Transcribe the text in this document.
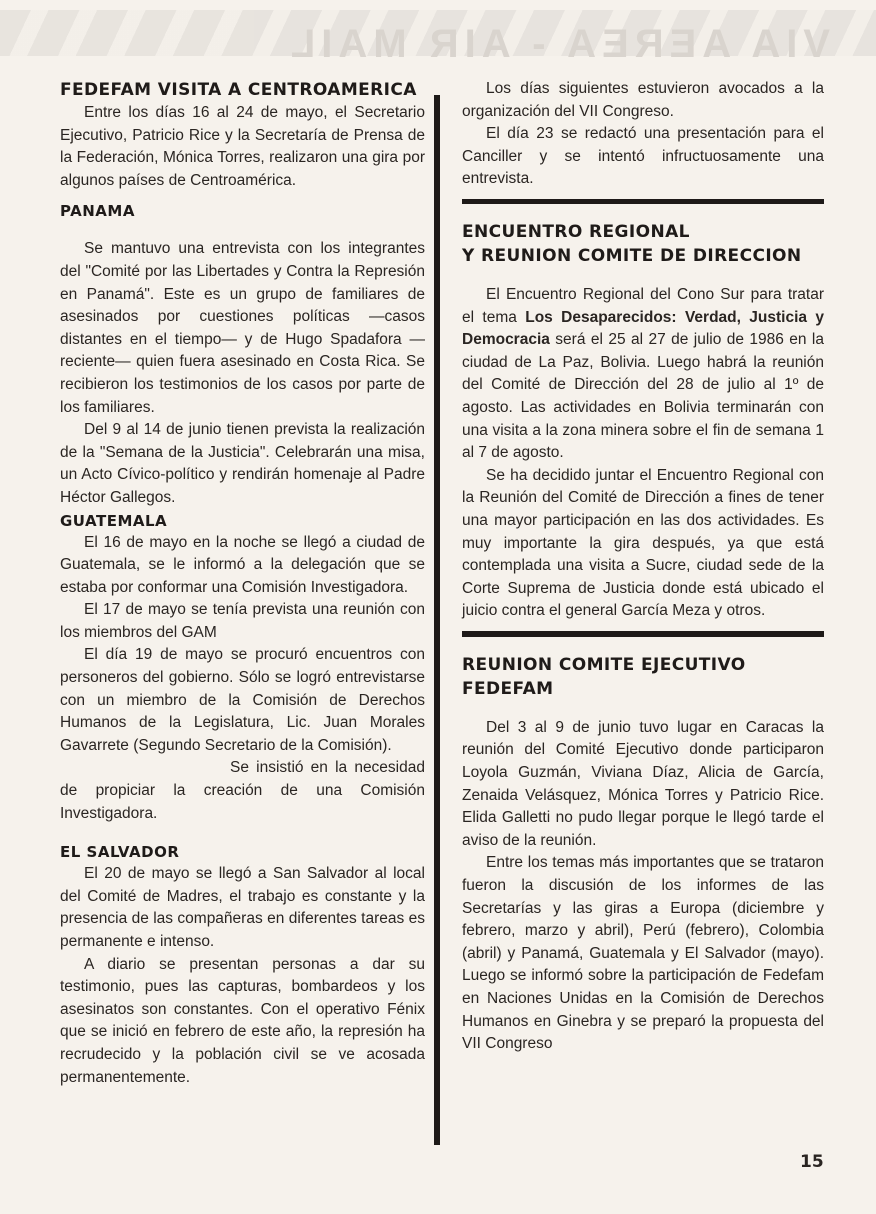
VIA AEREA - AIR MAIL
FEDEFAM VISITA A CENTROAMERICA

Entre los días 16 al 24 de mayo, el Secretario Ejecutivo, Patricio Rice y la Secretaría de Prensa de la Federación, Mónica Torres, realizaron una gira por algunos países de Centroamérica.

PANAMA

Se mantuvo una entrevista con los integrantes del "Comité por las Libertades y Contra la Represión en Panamá". Este es un grupo de familiares de asesinados por cuestiones políticas —casos distantes en el tiempo— y de Hugo Spadafora —reciente— quien fuera asesinado en Costa Rica. Se recibieron los testimonios de los casos por parte de los familiares.

Del 9 al 14 de junio tienen prevista la realización de la "Semana de la Justicia". Celebrarán una misa, un Acto Cívico-político y rendirán homenaje al Padre Héctor Gallegos.

GUATEMALA

El 16 de mayo en la noche se llegó a ciudad de Guatemala, se le informó a la delegación que se estaba por conformar una Comisión Investigadora.

El 17 de mayo se tenía prevista una reunión con los miembros del GAM

El día 19 de mayo se procuró encuentros con personeros del gobierno. Sólo se logró entrevistarse con un miembro de la Comisión de Derechos Humanos de la Legislatura, Lic. Juan Morales Gavarrete (Segundo Secretario de la Comisión).

Se insistió en la necesidad de propiciar la creación de una Comisión Investigadora.

EL SALVADOR

El 20 de mayo se llegó a San Salvador al local del Comité de Madres, el trabajo es constante y la presencia de las compañeras en diferentes tareas es permanente e intenso.

A diario se presentan personas a dar su testimonio, pues las capturas, bombardeos y los asesinatos son constantes. Con el operativo Fénix que se inició en febrero de este año, la represión ha recrudecido y la población civil se ve acosada permanentemente.

Los días siguientes estuvieron avocados a la organización del VII Congreso.

El día 23 se redactó una presentación para el Canciller y se intentó infructuosamente una entrevista.

ENCUENTRO REGIONAL
Y REUNION COMITE DE DIRECCION

El Encuentro Regional del Cono Sur para tratar el tema Los Desaparecidos: Verdad, Justicia y Democracia será el 25 al 27 de julio de 1986 en la ciudad de La Paz, Bolivia. Luego habrá la reunión del Comité de Dirección del 28 de julio al 1º de agosto. Las actividades en Bolivia terminarán con una visita a la zona minera sobre el fin de semana 1 al 7 de agosto.

Se ha decidido juntar el Encuentro Regional con la Reunión del Comité de Dirección a fines de tener una mayor participación en las dos actividades. Es muy importante la gira después, ya que está contemplada una visita a Sucre, ciudad sede de la Corte Suprema de Justicia donde está ubicado el juicio contra el general García Meza y otros.

REUNION COMITE EJECUTIVO
FEDEFAM

Del 3 al 9 de junio tuvo lugar en Caracas la reunión del Comité Ejecutivo donde participaron Loyola Guzmán, Viviana Díaz, Alicia de García, Zenaida Velásquez, Mónica Torres y Patricio Rice. Elida Galletti no pudo llegar porque le llegó tarde el aviso de la reunión.

Entre los temas más importantes que se trataron fueron la discusión de los informes de las Secretarías y las giras a Europa (diciembre y febrero, marzo y abril), Perú (febrero), Colombia (abril) y Panamá, Guatemala y El Salvador (mayo). Luego se informó sobre la participación de Fedefam en Naciones Unidas en la Comisión de Derechos Humanos en Ginebra y se preparó la propuesta del VII Congreso

15
